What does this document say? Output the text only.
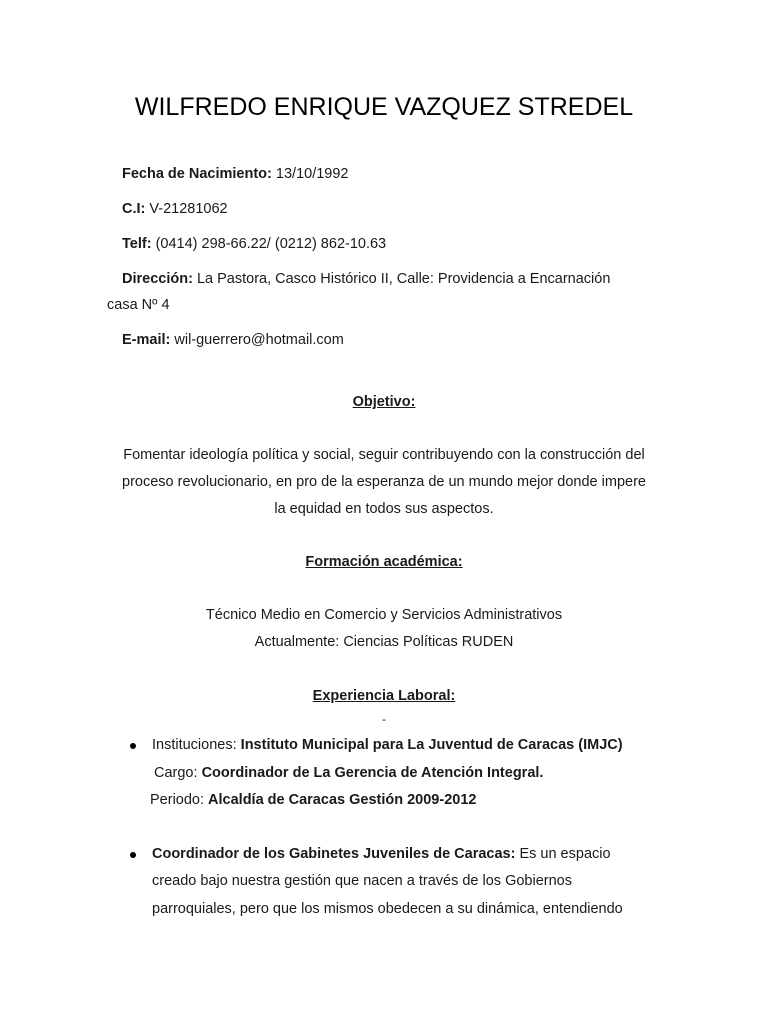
WILFREDO ENRIQUE VAZQUEZ STREDEL
Fecha de Nacimiento: 13/10/1992
C.I: V-21281062
Telf: (0414) 298-66.22/ (0212) 862-10.63
Dirección: La Pastora, Casco Histórico II, Calle: Providencia a Encarnación
casa Nº 4
E-mail: wil-guerrero@hotmail.com
Objetivo:
Fomentar ideología política y social, seguir contribuyendo con la construcción del
proceso revolucionario, en pro de la esperanza de un mundo mejor donde impere
la equidad en todos sus aspectos.
Formación académica:
Técnico Medio en Comercio y Servicios Administrativos
Actualmente: Ciencias Políticas RUDEN
Experiencia Laboral:
-
Instituciones: Instituto Municipal para La Juventud de Caracas (IMJC)
Cargo: Coordinador de La Gerencia de Atención Integral.
Periodo: Alcaldía de Caracas Gestión 2009-2012
Coordinador de los Gabinetes Juveniles de Caracas: Es un espacio
creado bajo nuestra gestión que nacen a través de los Gobiernos
parroquiales, pero que los mismos obedecen a su dinámica, entendiendo
